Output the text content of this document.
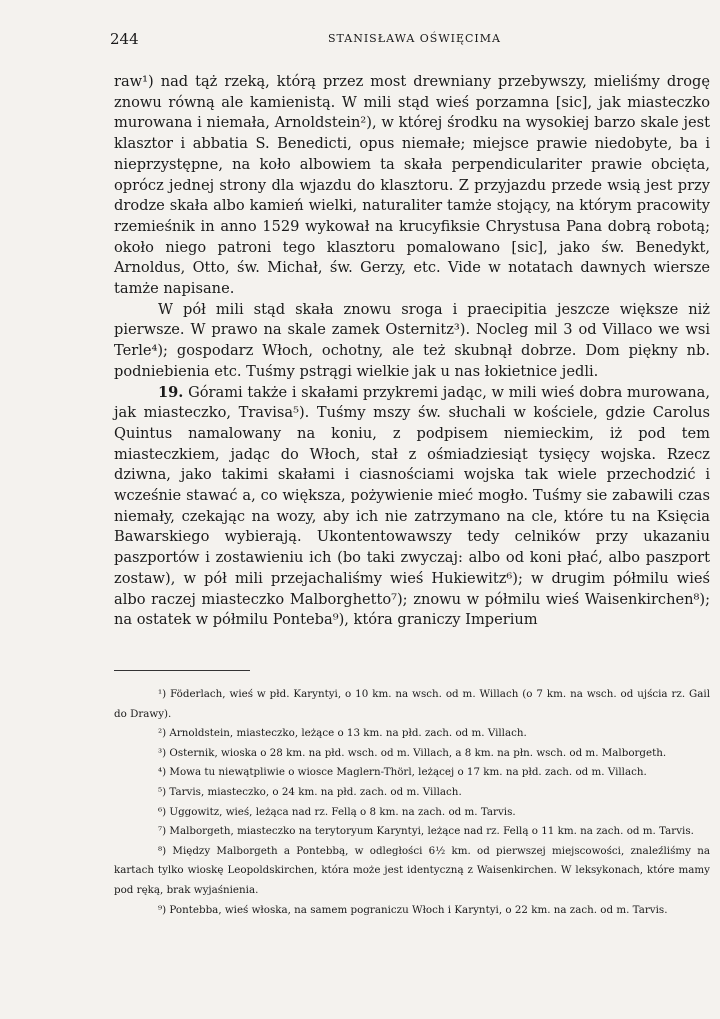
244	STANISŁAWA OŚWIĘCIMA

raw¹) nad tąż rzeką, którą przez most drewniany przebywszy, mieliśmy drogę znowu równą ale kamienistą. W mili stąd wieś porzamna [sic], jak miasteczko murowana i niemała, Arnoldstein²), w której środku na wysokiej barzo skale jest klasztor i abbatia S. Benedicti, opus niemałe; miejsce prawie niedobyte, ba i nieprzystępne, na koło albowiem ta skała perpendiculariter prawie obcięta, oprócz jednej strony dla wjazdu do klasztoru. Z przyjazdu przede wsią jest przy drodze skała albo kamień wielki, naturaliter tamże stojący, na którym pracowity rzemieśnik in anno 1529 wykował na krucyfiksie Chrystusa Pana dobrą robotą; około niego patroni tego klasztoru pomalowano [sic], jako św. Benedykt, Arnoldus, Otto, św. Michał, św. Gerzy, etc. Vide w notatach dawnych wiersze tamże napisane.

W pół mili stąd skała znowu sroga i praecipitia jeszcze większe niż pierwsze. W prawo na skale zamek Osternitz³). Nocleg mil 3 od Villaco we wsi Terle⁴); gospodarz Włoch, ochotny, ale też skubnął dobrze. Dom piękny nb. podniebienia etc. Tuśmy pstrągi wielkie jak u nas łokietnice jedli.

19. Górami także i skałami przykremi jadąc, w mili wieś dobra murowana, jak miasteczko, Travisa⁵). Tuśmy mszy św. słuchali w kościele, gdzie Carolus Quintus namalowany na koniu, z podpisem niemieckim, iż pod tem miasteczkiem, jadąc do Włoch, stał z ośmiadziesiąt tysięcy wojska. Rzecz dziwna, jako takimi skałami i ciasnościami wojska tak wiele przechodzić i wcześnie stawać a, co większa, pożywienie mieć mogło. Tuśmy sie zabawili czas niemały, czekając na wozy, aby ich nie zatrzymano na cle, które tu na Księcia Bawarskiego wybierają. Ukontentowawszy tedy celników przy ukazaniu paszportów i zostawieniu ich (bo taki zwyczaj: albo od koni płać, albo paszport zostaw), w pół mili przejachaliśmy wieś Hukiewitz⁶); w drugim półmilu wieś albo raczej miasteczko Malborghetto⁷); znowu w półmilu wieś Waisenkirchen⁸); na ostatek w półmilu Ponteba⁹), która graniczy Imperium

¹) Föderlach, wieś w płd. Karyntyi, o 10 km. na wsch. od m. Willach (o 7 km. na wsch. od ujścia rz. Gail do Drawy).

²) Arnoldstein, miasteczko, leżące o 13 km. na płd. zach. od m. Villach.

³) Osternik, wioska o 28 km. na płd. wsch. od m. Villach, a 8 km. na płn. wsch. od m. Malborgeth.

⁴) Mowa tu niewątpliwie o wiosce Maglern-Thörl, leżącej o 17 km. na płd. zach. od m. Villach.

⁵) Tarvis, miasteczko, o 24 km. na płd. zach. od m. Villach.

⁶) Uggowitz, wieś, leżąca nad rz. Fellą o 8 km. na zach. od m. Tarvis.

⁷) Malborgeth, miasteczko na terytoryum Karyntyi, leżące nad rz. Fellą o 11 km. na zach. od m. Tarvis.

⁸) Między Malborgeth a Pontebbą, w odległości 6½ km. od pierwszej miejscowości, znaleźliśmy na kartach tylko wioskę Leopoldskirchen, która może jest identyczną z Waisenkirchen. W leksykonach, które mamy pod ręką, brak wyjaśnienia.

⁹) Pontebba, wieś włoska, na samem pograniczu Włoch i Karyntyi, o 22 km. na zach. od m. Tarvis.
